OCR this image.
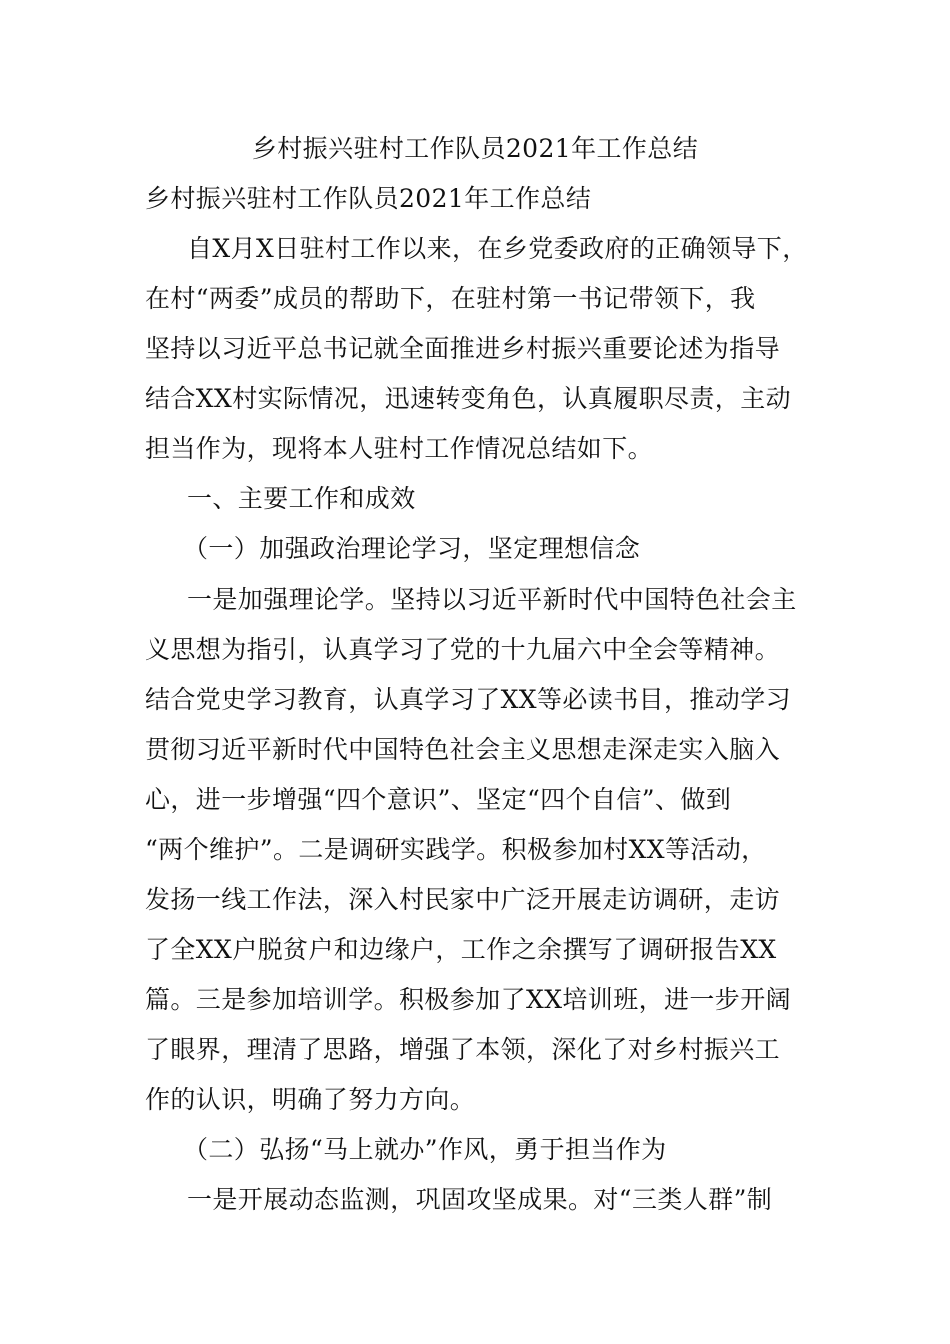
乡村振兴驻村工作队员2021年工作总结
乡村振兴驻村工作队员2021年工作总结
自X月X日驻村工作以来，在乡党委政府的正确领导下，
在村“两委”成员的帮助下，在驻村第一书记带领下，我
坚持以习近平总书记就全面推进乡村振兴重要论述为指导
结合XX村实际情况，迅速转变角色，认真履职尽责，主动
担当作为，现将本人驻村工作情况总结如下。
一、主要工作和成效
（一）加强政治理论学习，坚定理想信念
一是加强理论学。坚持以习近平新时代中国特色社会主
义思想为指引，认真学习了党的十九届六中全会等精神。
结合党史学习教育，认真学习了XX等必读书目，推动学习
贯彻习近平新时代中国特色社会主义思想走深走实入脑入
心，进一步增强“四个意识”、坚定“四个自信”、做到
“两个维护”。二是调研实践学。积极参加村XX等活动，
发扬一线工作法，深入村民家中广泛开展走访调研，走访
了全XX户脱贫户和边缘户，工作之余撰写了调研报告XX
篇。三是参加培训学。积极参加了XX培训班，进一步开阔
了眼界，理清了思路，增强了本领，深化了对乡村振兴工
作的认识，明确了努力方向。
（二）弘扬“马上就办”作风，勇于担当作为
一是开展动态监测，巩固攻坚成果。对“三类人群”制
